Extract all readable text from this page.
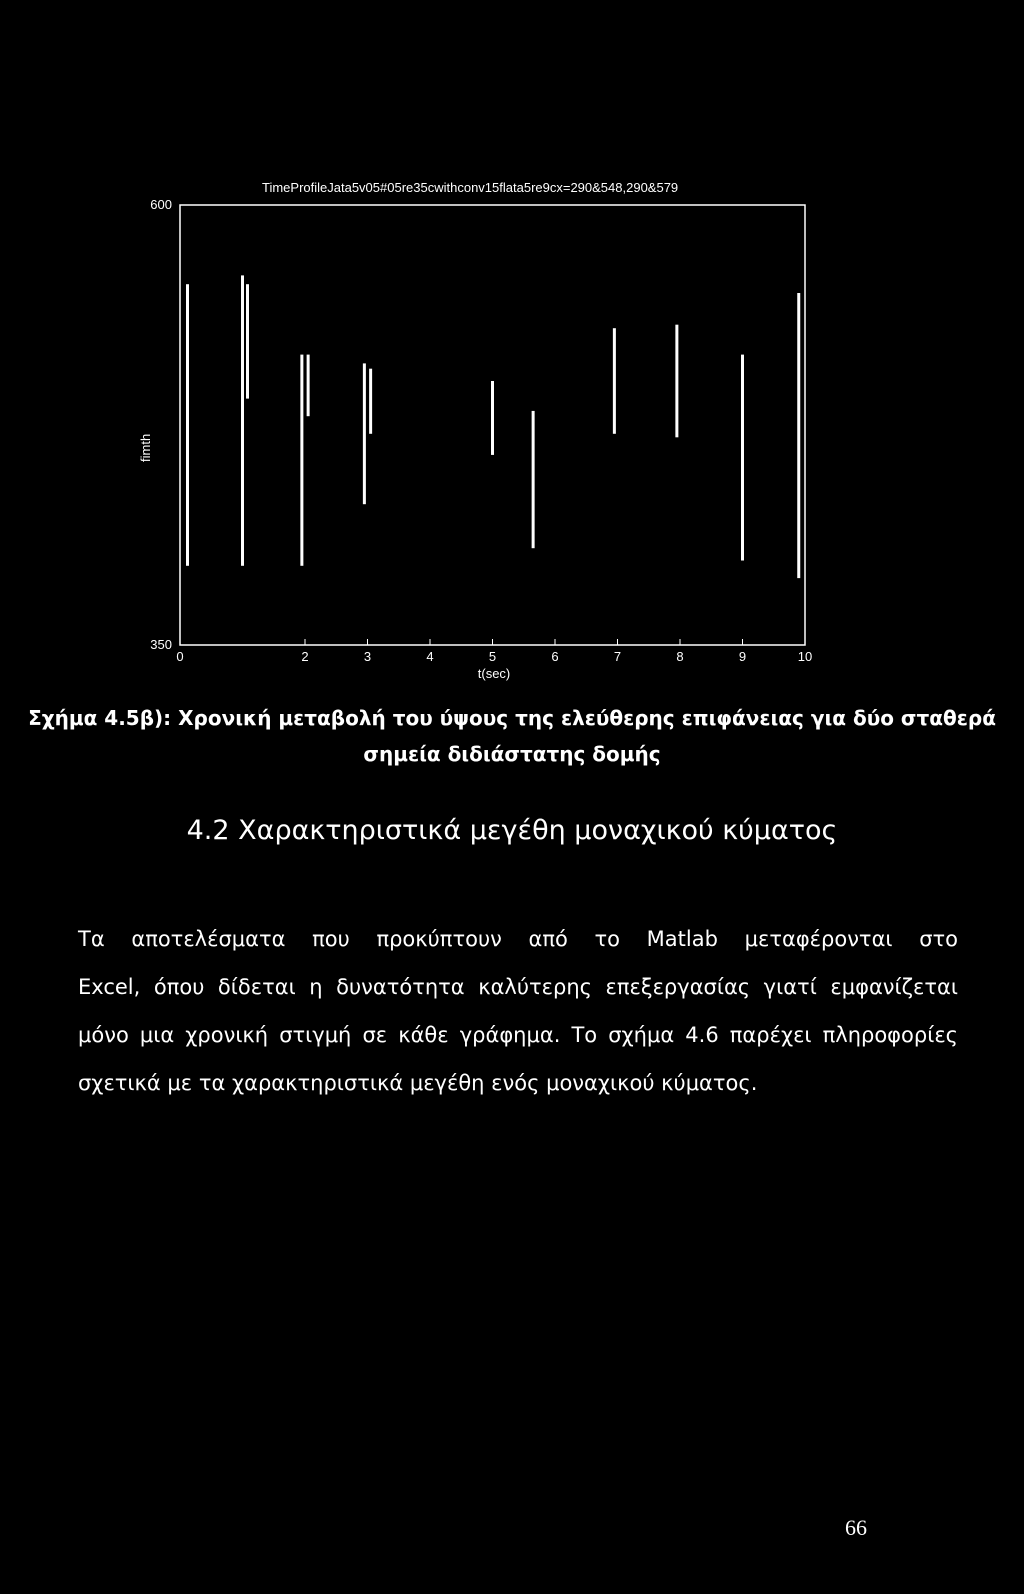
TimeProfileJata5v05#05re35cwithconv15flata5re9cx=290&548,290&579
fimth
600
350
0	2	3	4	5	6	7	8	9	10
t(sec)
Σχήμα 4.5β): Χρονική μεταβολή του ύψους της ελεύθερης επιφάνειας για δύο σταθερά
σημεία διδιάστατης δομής
4.2 Χαρακτηριστικά μεγέθη μοναχικού κύματος
Τα αποτελέσματα που προκύπτουν από το Matlab μεταφέρονται στο
Excel, όπου δίδεται η δυνατότητα καλύτερης επεξεργασίας γιατί εμφανίζεται
μόνο μια χρονική στιγμή σε κάθε γράφημα. Το σχήμα 4.6 παρέχει πληροφορίες
σχετικά με τα χαρακτηριστικά μεγέθη ενός μοναχικού κύματος.
66
